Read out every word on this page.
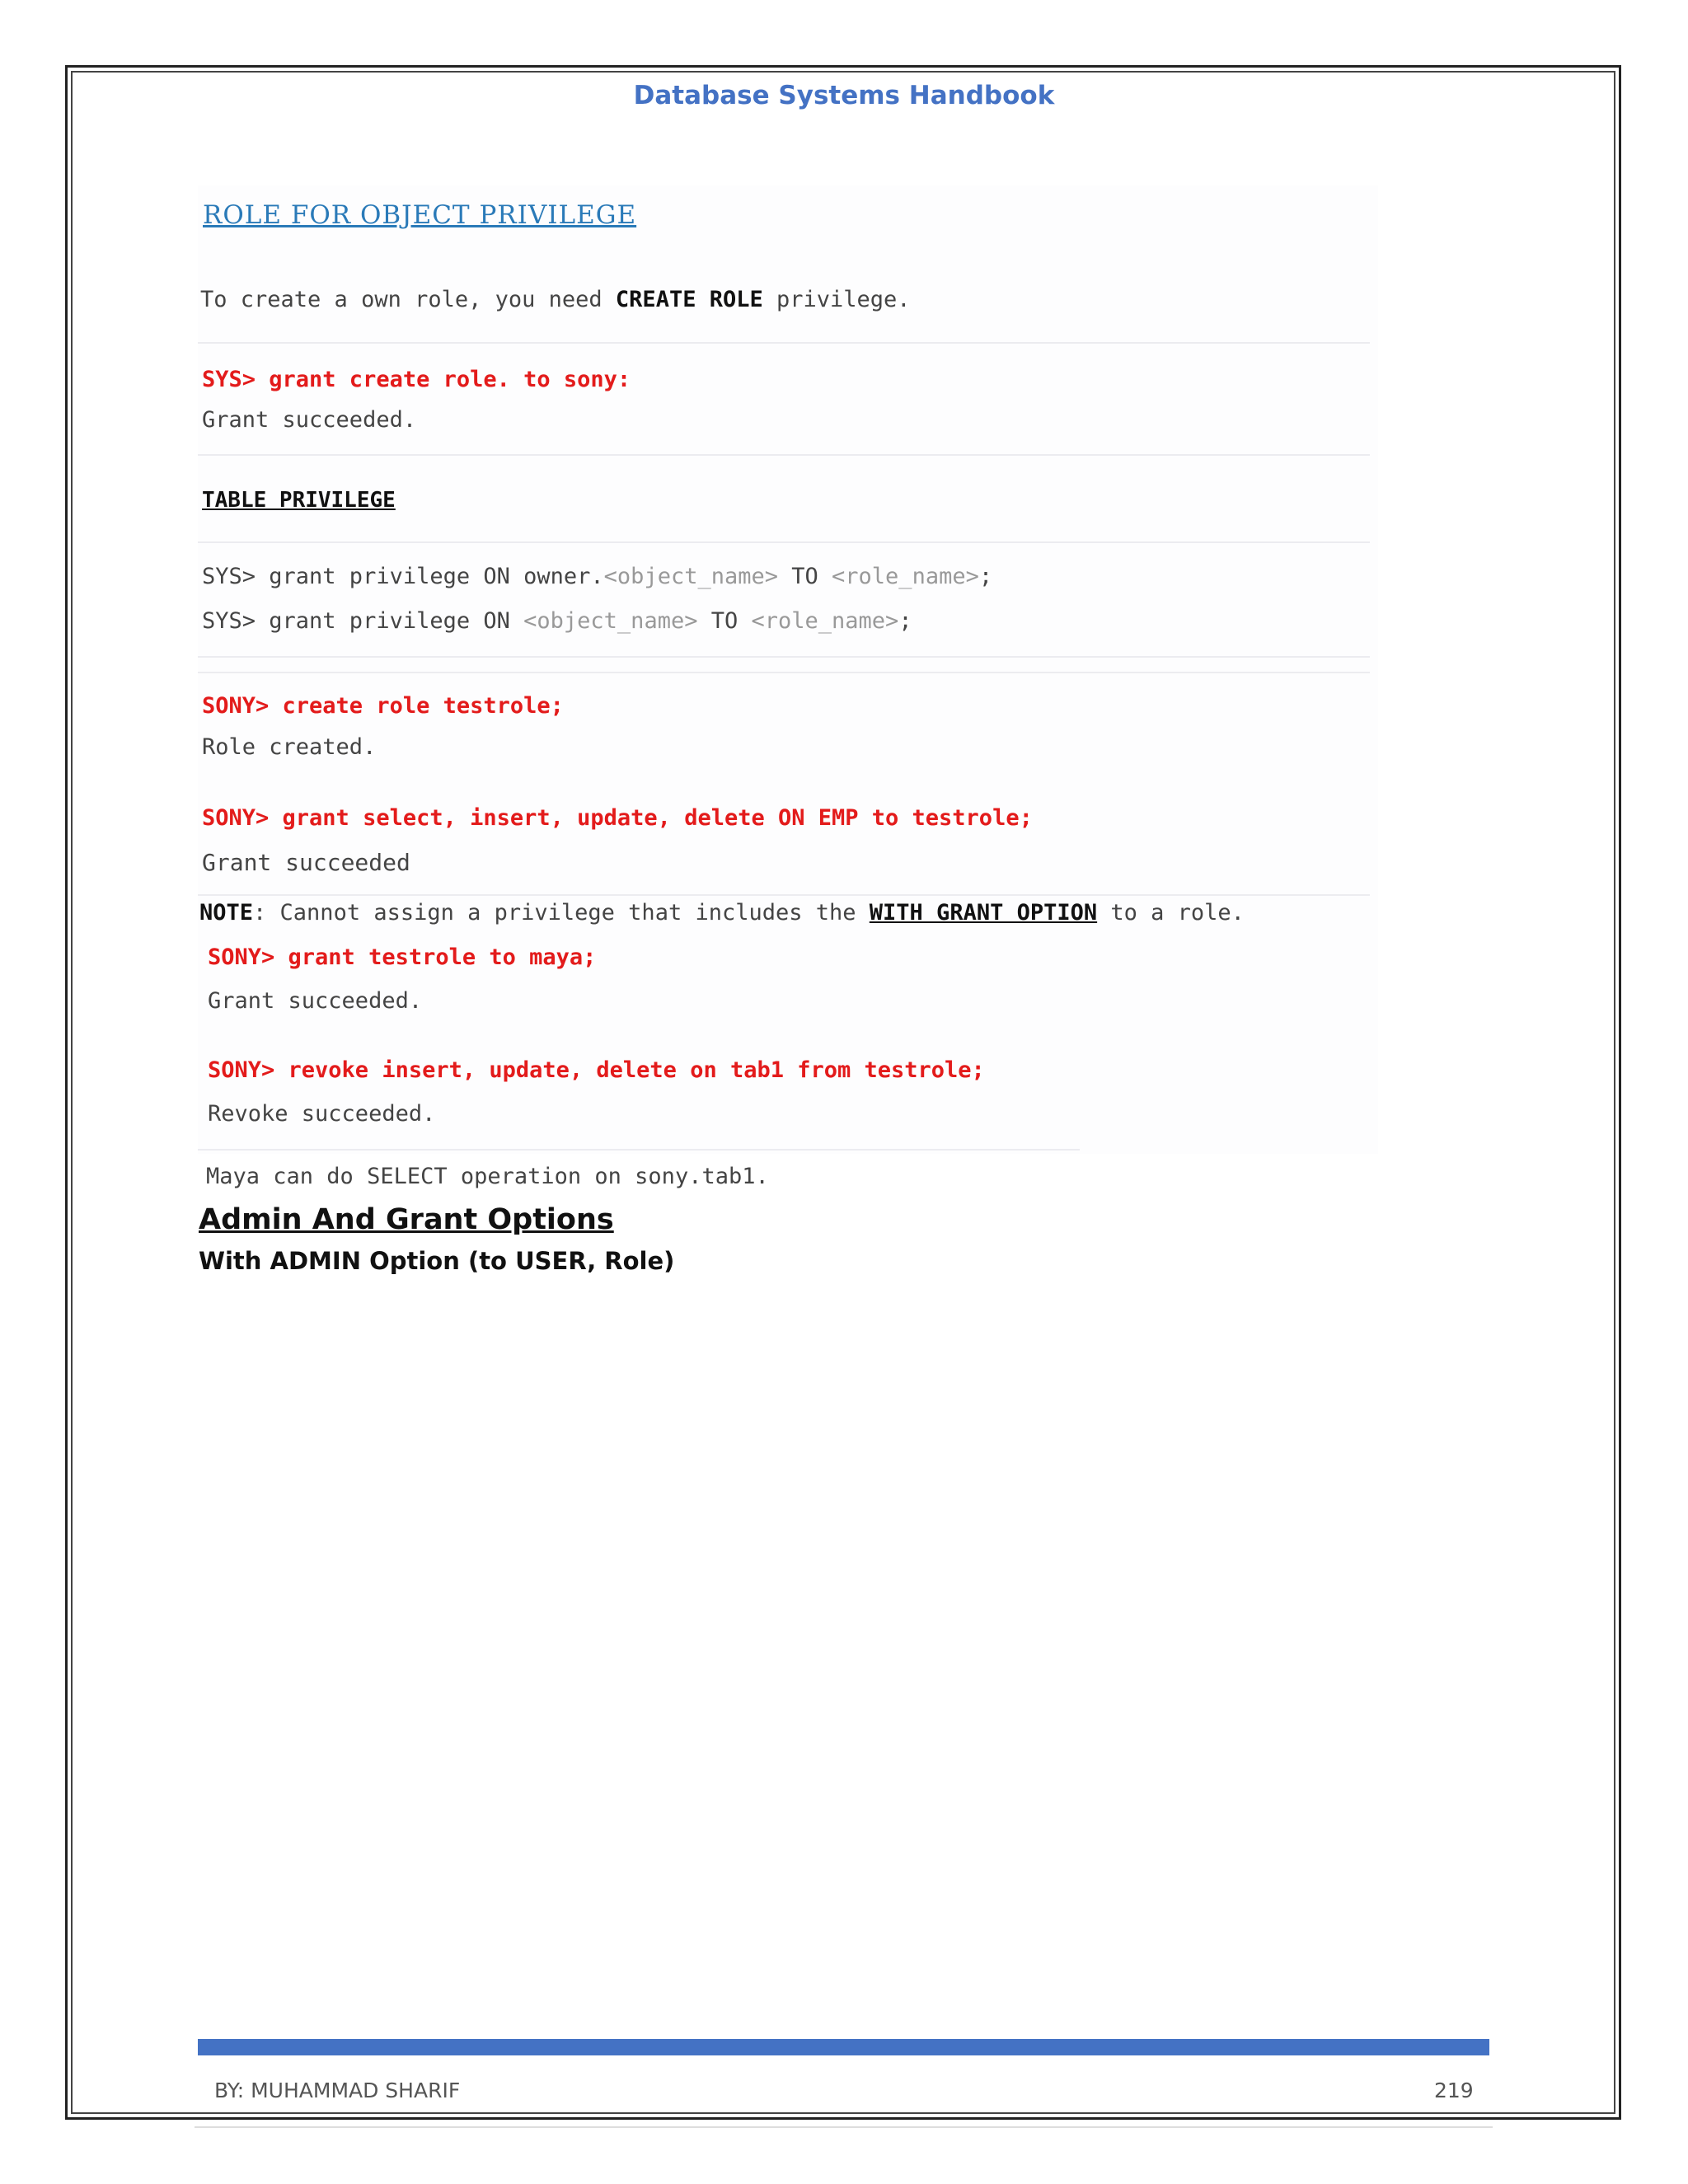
Database Systems Handbook
ROLE FOR OBJECT PRIVILEGE
To create a own role, you need CREATE ROLE privilege.
SYS> grant create role. to sony:
Grant succeeded.
TABLE PRIVILEGE
SYS> grant privilege ON owner.<object_name> TO <role_name>;
SYS> grant privilege ON <object_name> TO <role_name>;
SONY> create role testrole;
Role created.
SONY> grant select, insert, update, delete ON EMP to testrole;
Grant succeeded
NOTE: Cannot assign a privilege that includes the WITH GRANT OPTION to a role.
SONY> grant testrole to maya;
Grant succeeded.
SONY> revoke insert, update, delete on tab1 from testrole;
Revoke succeeded.
Maya can do SELECT operation on sony.tab1.
Admin And Grant Options
With ADMIN Option (to USER, Role)
BY: MUHAMMAD SHARIF	219
